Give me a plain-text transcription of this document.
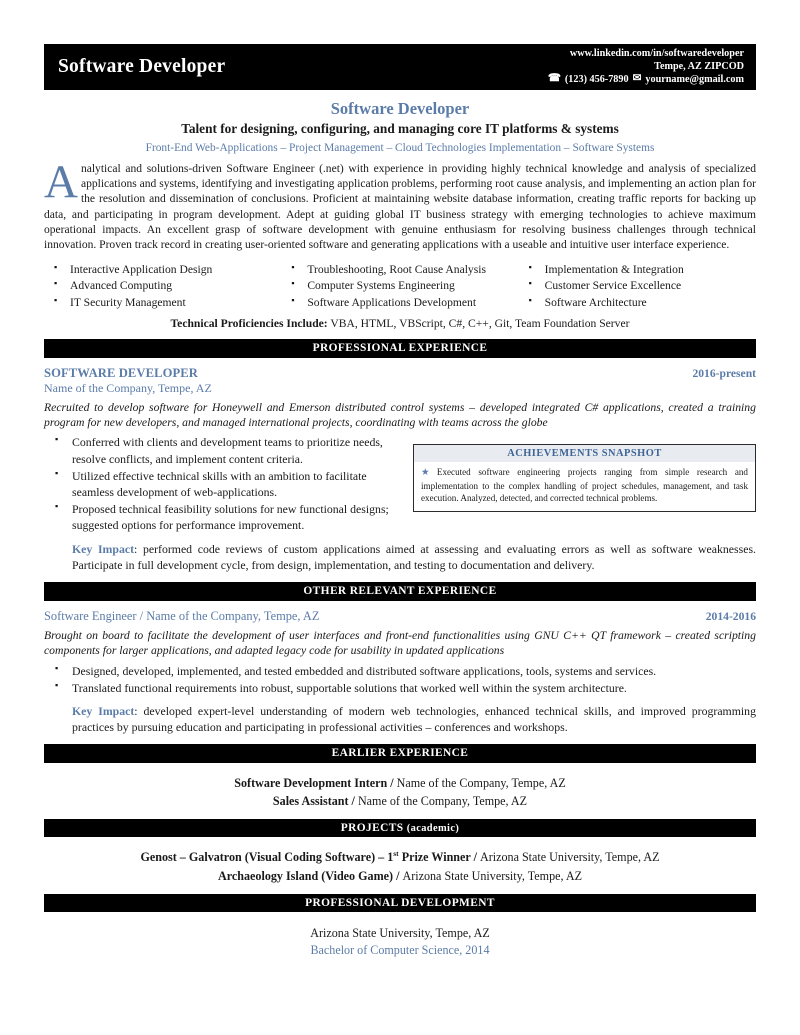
Software Developer
www.linkedin.com/in/softwaredeveloper
Tempe, AZ ZIPCOD
☎ (123) 456-7890 ✉ yourname@gmail.com
Software Developer
Talent for designing, configuring, and managing core IT platforms & systems
Front-End Web-Applications – Project Management – Cloud Technologies Implementation – Software Systems
Analytical and solutions-driven Software Engineer (.net) with experience in providing highly technical knowledge and analysis of specialized applications and systems, identifying and investigating application problems, performing root cause analysis, and implementing an action plan for the resolution and dissemination of conclusions. Proficient at maintaining website database information, creating traffic reports for backing up data, and participating in program development. Adept at guiding global IT business strategy with emerging technologies to achieve maximum operational impacts. An excellent grasp of software development with genuine enthusiasm for resolving business challenges through technical innovation. Proven track record in creating user-oriented software and generating applications with a useable and intuitive user interface experience.
▪ Interactive Application Design
▪ Advanced Computing
▪ IT Security Management
▪ Troubleshooting, Root Cause Analysis
▪ Computer Systems Engineering
▪ Software Applications Development
▪ Implementation & Integration
▪ Customer Service Excellence
▪ Software Architecture
Technical Proficiencies Include: VBA, HTML, VBScript, C#, C++, Git, Team Foundation Server
PROFESSIONAL EXPERIENCE
SOFTWARE DEVELOPER	2016-present
Name of the Company, Tempe, AZ
Recruited to develop software for Honeywell and Emerson distributed control systems – developed integrated C# applications, created a training program for new developers, and managed international projects, coordinating with teams across the globe
▪ Conferred with clients and development teams to prioritize needs, resolve conflicts, and implement content criteria.
▪ Utilized effective technical skills with an ambition to facilitate seamless development of web-applications.
▪ Proposed technical feasibility solutions for new functional designs; suggested options for performance improvement.
ACHIEVEMENTS SNAPSHOT
★ Executed software engineering projects ranging from simple research and implementation to the complex handling of project schedules, management, and task execution. Analyzed, detected, and corrected technical problems.
Key Impact: performed code reviews of custom applications aimed at assessing and evaluating errors as well as software weaknesses. Participate in full development cycle, from design, implementation, and testing to documentation and delivery.
OTHER RELEVANT EXPERIENCE
Software Engineer / Name of the Company, Tempe, AZ	2014-2016
Brought on board to facilitate the development of user interfaces and front-end functionalities using GNU C++ QT framework – created scripting components for larger applications, and adapted legacy code for usability in updated applications
▪ Designed, developed, implemented, and tested embedded and distributed software applications, tools, systems and services.
▪ Translated functional requirements into robust, supportable solutions that worked well within the system architecture.
Key Impact: developed expert-level understanding of modern web technologies, enhanced technical skills, and improved programming practices by pursuing education and participating in professional activities – conferences and workshops.
EARLIER EXPERIENCE
Software Development Intern / Name of the Company, Tempe, AZ
Sales Assistant / Name of the Company, Tempe, AZ
PROJECTS (academic)
Genost – Galvatron (Visual Coding Software) – 1st Prize Winner / Arizona State University, Tempe, AZ
Archaeology Island (Video Game) / Arizona State University, Tempe, AZ
PROFESSIONAL DEVELOPMENT
Arizona State University, Tempe, AZ
Bachelor of Computer Science, 2014
